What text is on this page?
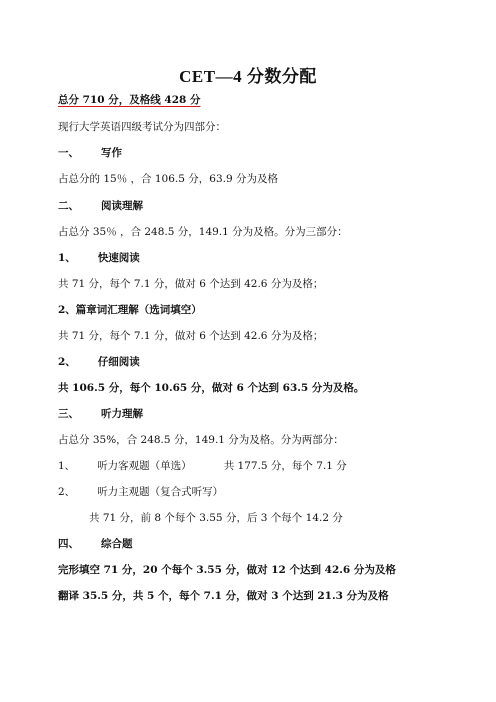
CET—4 分数分配
总分 710 分，及格线 428 分
现行大学英语四级考试分为四部分：
一、 写作
占总分的 15％ ，合 106.5 分，63.9 分为及格
二、 阅读理解
占总分 35％ ，合 248.5 分，149.1 分为及格。分为三部分：
1、 快速阅读
共 71 分，每个 7.1 分，做对 6 个达到 42.6 分为及格；
2、篇章词汇理解（选词填空）
共 71 分，每个 7.1 分，做对 6 个达到 42.6 分为及格；
2、 仔细阅读
共 106.5 分，每个 10.65 分，做对 6 个达到 63.5 分为及格。
三、 听力理解
占总分 35%，合 248.5 分，149.1 分为及格。分为两部分：
1、 听力客观题（单选）	共 177.5 分，每个 7.1 分
2、 听力主观题（复合式听写）
共 71 分，前 8 个每个 3.55 分，后 3 个每个 14.2 分
四、 综合题
完形填空 71 分，20 个每个 3.55 分，做对 12 个达到 42.6 分为及格
翻译 35.5 分，共 5 个，每个 7.1 分，做对 3 个达到 21.3 分为及格
